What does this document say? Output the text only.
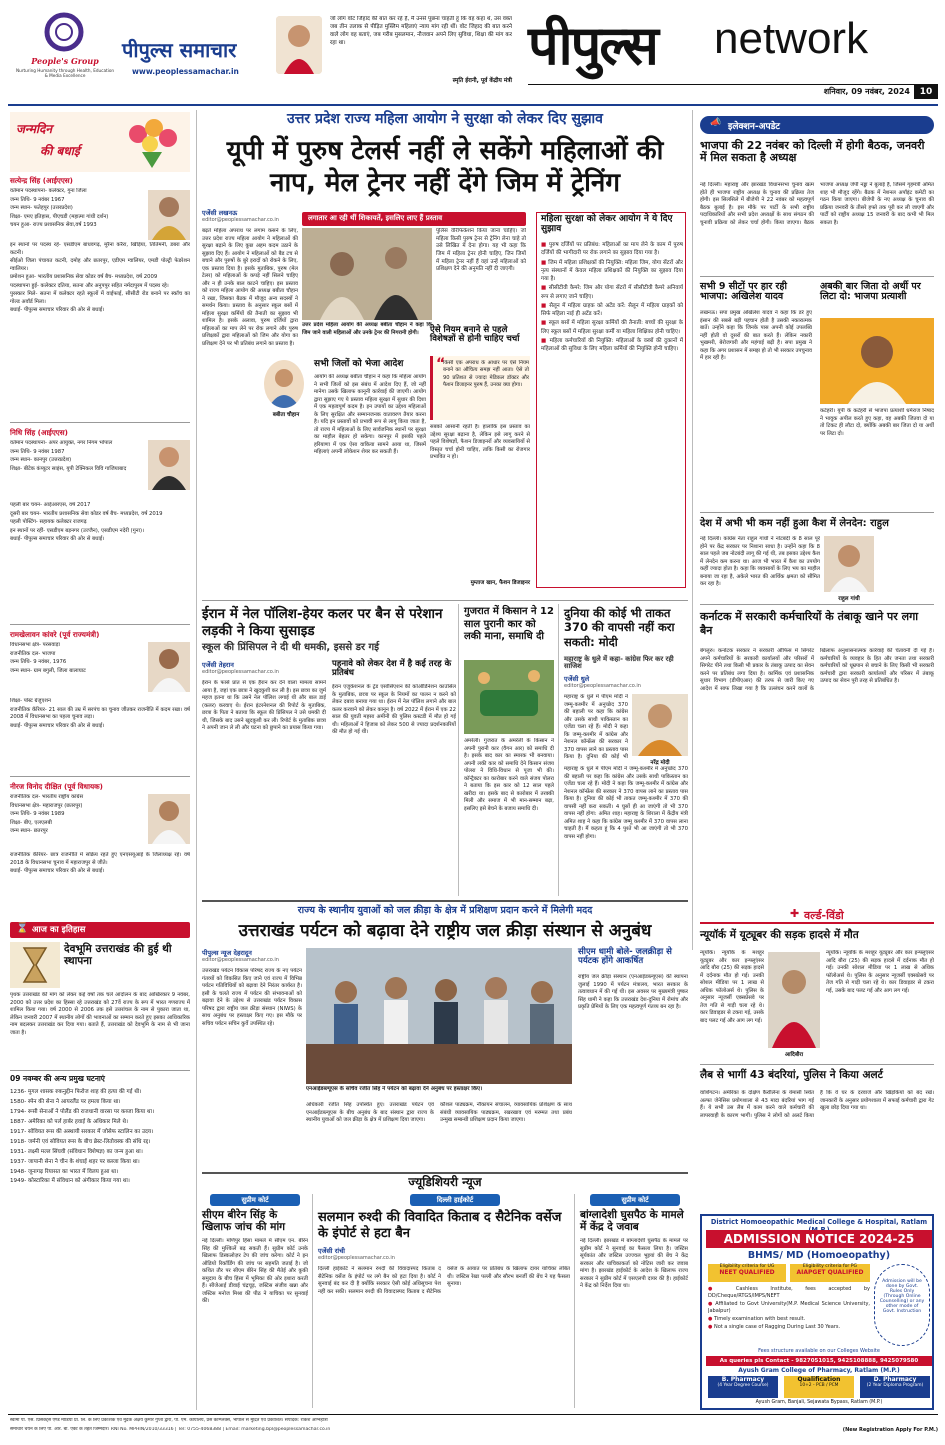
People's Group
Nurturing Humanity through Health, Education & Media Excellence
पीपुल्स समाचार
www.peoplessamachar.in
जो लोग वोट जिहाद की बात कर रहे हैं, मैं उनसे पूछना चाहती हूं कि वह कहां थे, उस वक्त जब तीन तलाक से पीड़ित मुस्लिम महिलाएं न्याय मांग रही थीं। वोट जिहाद की बात करने वाले लोग वह बताएं, जब गरीब मुसलमान, नौजवान अपने लिए सुविधा, शिक्षा की मांग कर रहा था।
स्मृति ईरानी, पूर्व केंद्रीय मंत्री
पीपुल्स network
शनिवार, 09 नवंबर, 2024	10
जन्मदिन
की बधाई
सत्येन्द्र सिंह (आईएएस)

वर्तमान पदस्थापना- कलेक्टर, गुना जिला

जन्म तिथि- 9 नवंबर 1967

जन्म स्थान- फतेहपुर (उत्तरप्रदेश)

शिक्षा- एमए इतिहास, पीएचडी (महात्मा गांधी दर्शन)

चयन हुआ- राज्य प्रशासनिक सेवा,वर्ष 1993

इन स्थानों पर पदस्थ रहे- एसडीएम बांधवगढ़, मुरैना करैरा, खिड़िया, तितिमनी, डबरा और कटनी।

सीईओ जिला पंचायत कटनी, दमोह और छतरपुर, एडीएम ग्वालियर, एमडी पोल्ट्री फेडरेशन ग्वालियर।

प्रमोशन हुआ- भारतीय प्रशासनिक सेवा कोडर वर्ष बैच- मध्यप्रदेश, वर्ष 2009

पदस्थापना हुई- कलेक्टर दतिया, सतना और अनुपपुर सहित नर्मदापुरम में पदस्थ रहे।

पुरस्कार मिले- सतना में कलेक्टर रहते स्कूलों में वाईफाई, सीसीटी रोड बनाने पर स्कॉच का गोल्ड अवॉर्ड मिला।

बधाई- पीपुल्स समाचार परिवार की ओर से बधाई।

निधि सिंह (आईएएस)

वर्तमान पदस्थापना- अपर आयुक्त, नगर निगम भोपाल

जन्म तिथि- 9 नवंबर 1987

जन्म स्थान- कानपुर (उत्तरप्रदेश)

शिक्षा- बीटेक कंप्यूटर साइंस, यूपी टेक्निकल विवि गाजियाबाद

पहली बार चयन- आईआरएस, वर्ष 2017

दूसरी बार चयन- भारतीय प्रशासनिक सेवा कोडर वर्ष बैच- मध्यप्रदेश, वर्ष 2019

पहली पोस्टिंग- सहायक कलेक्टर राजगढ़

इन स्थानों पर रहीं- एसडीएम बड़नगर (उज्जैन), एसडीएम नदेरी (गुना)।

बधाई- पीपुल्स समाचार परिवार की ओर से बधाई।

रामखेलावन कांवरे (पूर्व राज्यमंत्री)

विधानसभा क्षेत्र- परसवाड़ा

राजनीतिक दल- भाजपा

जन्म तिथि- 9 नवंबर, 1976

जन्म स्थान- ग्राम बगुली, जिला बालाघाट

शिक्षा- पोस्ट ग्रेजुएशन

राजनीतिक कॅरियर- 21 साल की उम्र में सरपंच का चुनाव जीतकर राजनीति में कदम रखा। वर्ष 2008 में विधानसभा का पहला चुनाव लड़ा।

बधाई- पीपुल्स समाचार परिवार की ओर से बधाई।

नीरज विनोद दीक्षित (पूर्व विधायक)

राजनीतिक दल- भारतीय राष्ट्रीय कांग्रेस

विधानसभा क्षेत्र- महाराजपुर (छतरपुर)

जन्म तिथि- 9 नवंबर 1989

शिक्षा- बीए, एलएलबी

जन्म स्थान- छतरपुर

राजनीतिक कॅरियर- छात्र राजनीति में सक्रिय रहते हुए एनएसयूआई के जिलाध्यक्ष रहे। वर्ष 2018 के विधानसभा चुनाव में महाराजपुर से जीते।

बधाई- पीपुल्स समाचार परिवार की ओर से बधाई।

⌛ आज का इतिहास
देवभूमि उत्तराखंड की हुई थी स्थापना
पृथक उत्तराखंड की मांग को लेकर कई वर्षों तक चले आंदोलन के बाद आखिरकार 9 नवंबर, 2000 को उत्तर प्रदेश का हिस्सा रहे उत्तराखंड को 27वें राज्य के रूप में भारत गणराज्य में शामिल किया गया। वर्ष 2000 से 2006 तक इसे उत्तरांचल के नाम से पुकारा जाता था, लेकिन जनवरी 2007 में स्थानीय लोगों की भावनाओं का सम्मान करते हुए इसका आधिकारिक नाम बदलकर उत्तराखंड कर दिया गया। बताते हैं, उत्तराखंड को देवभूमि के नाम से भी जाना जाता है।
09 नवम्बर की अन्य प्रमुख घटनाएं

1236- मुगल शासक रुकनुद्दीन फिरोज शाह की हत्या की गई थी।

1580- स्पेन की सेना ने आयरलैंड पर हमला किया था।

1794- रूसी सेनाओं ने पोलैंड की राजधानी वारसा पर कब्जा किया था।

1887- अमेरिका को पर्ल हार्बर हवाई के अधिकार मिले थे।

1917- सोवियत रूस की अस्थायी सरकार में जोसेफ स्टालिन का उदय।

1918- जर्मनी एवं सोवियत रूस के बीच ब्रेस्ट-लितोवस्क की संधि रद्द।

1931- लक्ष्मी मल्ल सिंघवी (संविधान विशेषज्ञ) का जन्म हुआ था।

1937- जापानी सेना ने चीन के शंघाई शहर पर कब्जा किया था।

1948- जूनागढ़ रियासत का भारत में विलय हुआ था।

1949- कोस्टारिका में संविधान को अंगीकार किया गया था।

उत्तर प्रदेश राज्य महिला आयोग ने सुरक्षा को लेकर दिए सुझाव
यूपी में पुरुष टेलर्स नहीं ले सकेंगे महिलाओं की नाप, मेल ट्रेनर नहीं देंगे जिम में ट्रेनिंग
एजेंसी लखनऊ
editor@peoplessamachar.co.in
बढ़ते महिला अपराध पर लगाम कसने के लिए, उत्तर प्रदेश राज्य महिला आयोग ने महिलाओं की सुरक्षा बढ़ाने के लिए कुछ अहम कदम उठाने के सुझाव दिए हैं। आयोग ने महिलाओं को बैड टच से बचाने और पुरुषों के बुरे इरादों को रोकने के लिए, एक प्रस्ताव दिया है। इसके मुताबिक, पुरुष (मेल टेलर) को महिलाओं के कपड़े नहीं सिलने चाहिए और न ही उनके बाल काटने चाहिए। इस प्रस्ताव को राज्य महिला आयोग की अध्यक्ष बबीता चौहान ने रखा, जिसका बैठक में मौजूद अन्य सदस्यों ने समर्थन किया। प्रस्ताव के अनुसार स्कूल बसों में महिला सुरक्षा कर्मियों की तैनाती का सुझाव भी शामिल है। इसके अलावा, पुरुष दर्जियों द्वारा महिलाओं का माप लेने पर रोक लगाने और पुरुष प्रशिक्षकों द्वारा महिलाओं को जिम और योगा का प्रशिक्षण देने पर भी प्रतिबंध लगाने का प्रस्ताव है।
लगातार आ रही थीं शिकायतें, इसलिए लाए हैं प्रस्ताव
पुलिस वेरिफिकेशन किया जाना चाहिए। जो महिला किसी पुरुष ट्रेनर से ट्रेनिंग लेना चाहे तो उसे लिखित में देना होगा। यह भी कहा कि जिम में महिला ट्रेनर होनी चाहिए, जिन जिमों में महिला ट्रेनर नहीं हैं वहां उन्हें महिलाओं को प्रशिक्षण देने की अनुमति नहीं दी जाएगी।
उत्तर प्रदेश महिला आयोग की अध्यक्ष बबीता चौहान ने कहा कि जिम जाने वाली महिलाओं और उनके ट्रेनर की निगरानी होगी।
बबीता चौहान
सभी जिलों को भेजा आदेश
आयोग की अध्यक्ष बबीता चौहान ने कहा कि महिला आयोग ने सभी जिलों को इस संबंध में आदेश दिए हैं, जो नहीं मानेगा उसके खिलाफ कानूनी कार्रवाई की जाएगी। आयोग द्वारा सुझाए गए ये प्रस्ताव महिला सुरक्षा में सुधार की दिशा में एक महत्वपूर्ण कदम है। इन उपायों का उद्देश्य महिलाओं के लिए सुरक्षित और सम्मानजनक वातावरण तैयार करना है। यदि इन प्रस्तावों को प्रभावी रूप से लागू किया जाता है, तो राज्य में महिलाओं के लिए सार्वजनिक स्थानों पर सुरक्षा का माहौल बेहतर हो सकेगा। कानपुर में इसकी पहले हरियाणा में एक ऐसा वाकिया सामने आया था, जिसमें महिलाएं अपनी लोकेशन शेयर कर सकती हैं।
ऐसे नियम बनाने से पहले विशेषज्ञों से होनी चाहिए चर्चा
“
किसी एक अपराध के आधार पर ऐसे नियम बनाने का औचित्य समझ नहीं आता। ऐसे तो 90 प्रतिशत से ज्यादा मेडिकल डॉक्टर और फैशन डिजाइनर पुरुष हैं, उनका क्या होगा।
सबको आसानी रहती है। हालांकि इस प्रस्ताव का उद्देश्य सुरक्षा बढ़ाना है, लेकिन इसे लागू करने से पहले विशेषज्ञों, फैशन डिजाइनरों और व्यवसायियों से विस्तृत चर्चा होनी चाहिए, ताकि किसी का रोजगार प्रभावित न हो।
मुम्ताज खान, फैशन डिजाइनर
महिला सुरक्षा को लेकर आयोग ने ये दिए सुझाव

■ पुरुष दर्जियों पर प्रतिबंध: महिलाओं का माप लेने के काम में पुरुष दर्जियों की भागीदारी पर रोक लगाने का सुझाव दिया गया है।

■ जिम में महिला प्रशिक्षकों की नियुक्ति: महिला जिम, योगा सेंटरों और नृत्य संस्थानों में केवल महिला प्रशिक्षकों की नियुक्ति का सुझाव दिया गया है।

■ सीसीटीवी कैमरे: जिम और योगा सेंटरों में सीसीटीवी कैमरे अनिवार्य रूप से लगाए जाने चाहिए।

■ सैलून में महिला ग्राहक को अटेंड करें: सैलून में महिला ग्राहकों को सिर्फ महिला नाई ही अटेंड करें।

■ स्कूल बसों में महिला सुरक्षा कर्मियों की तैनाती: बच्चों की सुरक्षा के लिए स्कूल बसों में महिला सुरक्षा कर्मी या महिला शिक्षिका होनी चाहिए।

■ महिला कर्मचारियों की नियुक्ति: महिलाओं के वस्त्रों की दुकानों में महिलाओं की सुविधा के लिए महिला कर्मियों की नियुक्ति होनी चाहिए।

📣 इलेक्शन-अपडेट
भाजपा की 22 नवंबर को दिल्ली में होगी बैठक, जनवरी में मिल सकता है अध्यक्ष
नई दिल्ली। महाराष्ट्र और झारखंड विधानसभा चुनाव खत्म होते ही भाजपा राष्ट्रीय अध्यक्ष के चुनाव की प्रक्रिया तेज होगी। इस सिलसिले में बीजेपी ने 22 नवंबर को महत्वपूर्ण बैठक बुलाई है। इस मौके पर पार्टी के सभी राष्ट्रीय पदाधिकारियों और सभी प्रदेश अध्यक्षों के साथ संगठन की चुनावी प्रक्रिया को लेकर चर्चा होगी। किया जाएगा। बैठक भाजपा अध्यक्ष जेपी नड्डा ने बुलाई है, जिसमें गृहमंत्री अमित शाह भी मौजूद रहेंगे। बैठक में नेशनल अपॉइंट कमेटी का गठन किया जाएगा। बीजेपी के नए अध्यक्ष के चुनाव की प्रक्रिया जनवरी के तीसरे हफ्ते तक पूरी कर ली जाएगी और पार्टी को राष्ट्रीय अध्यक्ष 15 जनवरी के बाद कभी भी मिल सकता है।
सभी 9 सीटों पर हार रही भाजपा: अखिलेश यादव
लखनऊ। सपा प्रमुख अखिलेश यादव ने कहा कि डरे हुए इंसान की सबसे बड़ी पहचान होती है उसकी नकारात्मक बातें। उन्होंने कहा कि जिनके पास अपनी कोई उपलब्धि नहीं होती वो दूसरों की बात करते हैं। लेकिन नकारी भुखमरी, बेरोजगारी और महंगाई बढ़ी है। सपा प्रमुख ने कहा कि अगर प्रशासन में समझ हो तो भी सरकार उपचुनाव में हार रही है।
अबकी बार जिता दो अर्थी पर लिटा दो: भाजपा प्रत्याशी
कटेहरी। यूपी के कटेहरी से भाजपा प्रत्याशी धर्मराज निषाद ने भावुक अपील करते हुए कहा, वह अबकी जितवा दो या तो टिकट ही लौटा दो, क्योंकि अबकी बार जिता दो या अर्थी पर लिटा दो।
देश में अभी भी कम नहीं हुआ कैश में लेनदेन: राहुल
नई दिल्ली। कांग्रेस नेता राहुल गांधी ने नोटबंदी के 8 साल पूरे होने पर केंद्र सरकार पर निशाना साधा है। उन्होंने कहा कि 8 साल पहले जब नोटबंदी लागू की गई थी, तब इसका उद्देश्य कैश में लेनदेन कम करना था। आज भी भारत में कैश का उपयोग कहीं ज्यादा होता है। कहा कि व्यवसायों के लिए भय का माहौल बनाया जा रहा है, अकेले भारत की आर्थिक क्षमता को सीमित कर रहा है।
राहुल गांधी
ईरान में नेल पॉलिश-हेयर कलर पर बैन से परेशान लड़की ने किया सुसाइड
स्कूल की प्रिंसिपल ने दी थी धमकी, इससे डर गई
एजेंसी तेहरान
editor@peoplessamachar.co.in
ईरान के फार्स प्रांत से एक हैरान कर देने वाला मामला सामने आया है, जहां एक छात्रा ने खुदकुशी कर ली है। इस छात्रा का जुर्म महज इतना था कि उसने नेल पॉलिश लगाई थी और बाल डाई (कलर) करवाए थे। ईरान इंटरनेशनल की रिपोर्ट के मुताबिक, छात्रा के पिता ने बताया कि स्कूल की प्रिंसिपल ने उसे धमकी दी थी, जिसके बाद उसने खुदकुशी कर ली। रिपोर्ट के मुताबिक छात्रा ने अपनी जान ले ली और घटना को छुपाने का प्रयास किया गया।
पहनावे को लेकर देश में है कई तरह के प्रतिबंध
ईरान एजुकेशनल के ट्रेड एसोसिएशन की कोऑर्डिनेशन काउंसिल के मुताबिक, छात्रा पर स्कूल के नियमों का पालन न करने को लेकर दबाव बनाया गया था। ईरान में नेल पॉलिश लगाने और बाल कलर करवाने को लेकर कानून है। वर्ष 2022 में ईरान में एक 22 साल की युवती महसा अमीनी की पुलिस कस्टडी में मौत हो गई थी। महिलाओं ने हिजाब को लेकर 500 से ज्यादा प्रदर्शनकारियों की मौत हो गई थी।
गुजरात में किसान ने 12 साल पुरानी कार को लकी माना, समाधि दी
अमरेली। गुजरात के अमरेली के किसान ने अपनी पुरानी कार (वैगन आर) को समाधि दी है। इसके बाद कार का स्मारक भी बनवाया। अपनी लकी कार को समाधि देने किसान संजय पोलरा ने विधि-विधान से पूजा भी की। कॉन्ट्रैक्टर का कारोबार करने वाले संजय पोलरा ने बताया कि इस कार को 12 साल पहले खरीदा था। इसके बाद से कारोबार में तरक्की मिली और समाज में भी मान-सम्मान बढ़ा, इसलिए इसे बेचने के बजाय समाधि दी।
दुनिया की कोई भी ताकत 370 की वापसी नहीं करा सकती: मोदी
महाराष्ट्र के धुले में कहा- कांग्रेस फिर कर रही साजिश
एजेंसी धुले
editor@peoplessamachar.co.in
नरेंद्र मोदी
महाराष्ट्र के धुले में पीएम मोदी ने जम्मू-कश्मीर में अनुच्छेद 370 की बहाली पर कहा कि कांग्रेस और उसके साथी पाकिस्तान का एजेंडा चला रहे हैं। मोदी ने कहा कि जम्मू-कश्मीर में कांग्रेस और नेशनल कॉन्फ्रेंस की सरकार ने 370 वापस लाने का प्रस्ताव पास किया है। दुनिया की कोई भी
महाराष्ट्र के धुले में पीएम मोदी ने जम्मू-कश्मीर में अनुच्छेद 370 की बहाली पर कहा कि कांग्रेस और उसके साथी पाकिस्तान का एजेंडा चला रहे हैं। मोदी ने कहा कि जम्मू-कश्मीर में कांग्रेस और नेशनल कॉन्फ्रेंस की सरकार ने 370 वापस लाने का प्रस्ताव पास किया है। दुनिया की कोई भी ताकत जम्मू-कश्मीर में 370 की वापसी नहीं करा सकती। 4 घुसों ही आ जाएंगी तो भी 370 वापस नहीं होगा: अमित शाह। महाराष्ट्र के शिराला में केंद्रीय मंत्री अमित शाह ने कहा कि कांग्रेस जम्मू कश्मीर में 370 वापस लाना चाहती है। मैं कहता हूं कि 4 पुश्ते भी आ जाएंगी तो भी 370 वापस नहीं होगा।
कर्नाटक में सरकारी कर्मचारियों के तंबाकू खाने पर लगा बैन
बेंगलुरु। कर्नाटक सरकार ने सरकारी ऑफिस में सिगरेट अपने कर्मचारियों के सरकारी कार्यालयों और परिसरों में सिगरेट पीने तथा किसी भी प्रकार के तंबाकू उत्पाद का सेवन करने पर प्रतिबंध लगा दिया है। कार्मिक एवं प्रशासनिक सुधार विभाग (डीपीएआर) की तरफ से जारी किए गए आदेश में साफ लिखा गया है कि उल्लंघन करने वालों के खिलाफ अनुशासनात्मक कार्रवाई की चेतावनी दी गई है। कर्मचारियों के व्यवहार के हित और जनता तथा सरकारी कर्मचारियों को धूम्रपान से बचाने के लिए किसी भी सरकारी कर्मचारी द्वारा सरकारी कार्यालयों और परिसर में तंबाकू उत्पाद का सेवन पूरी तरह से प्रतिबंधित है।
राज्य के स्थानीय युवाओं को जल क्रीड़ा के क्षेत्र में प्रशिक्षण प्रदान करने में मिलेगी मदद
उत्तराखंड पर्यटन को बढ़ावा देने राष्ट्रीय जल क्रीड़ा संस्थान से अनुबंध
पीपुल्स न्यूज देहरादून
editor@peoplessamachar.co.in
उत्तराखंड पर्यटन विकास परिषद राज्य के नए पर्यटन गंतव्यों को विकसित किए जाने एवं राज्य में विभिन्न पर्यटन गतिविधियों को बढ़ावा देने निरंतर कार्यरत है। इसी के चलते राज्य में पर्यटन की संभावनाओं को बढ़ावा देने के उद्देश्य से उत्तराखंड पर्यटन विकास परिषद द्वारा राष्ट्रीय जल क्रीड़ा संस्थान (NIWS) के साथ अनुबंध पर हस्ताक्षर किए गए। इस मौके पर सचिव पर्यटन सचिन कुर्वे उपस्थित रहे।
एनआईडब्ल्यूएस के सचिव रंजीत सिंह ने पर्यटन को बढ़ावा देने अनुबंध पर हस्ताक्षर किए।
अधिकारी रंजीत सिंह उपस्थित हुए। उत्तराखंड पर्यटन एवं एनआईडब्ल्यूएस के बीच अनुबंध के बाद संस्थान द्वारा राज्य के स्थानीय युवाओं को जल क्रीड़ा के क्षेत्र में प्रशिक्षण दिया जाएगा।
कौशल पाठ्यक्रम, नौकायन संचालन, व्यावसायिक प्रशिक्षण के साथ संबंधी व्यावसायिक पाठ्यक्रम, रखरखाव एवं मरम्मत तथा प्रबंध उन्मुख सम्बन्धी प्रशिक्षण प्रदान किया जाएगा।
सीएम धामी बोले- जलक्रीड़ा से पर्यटक होंगे आकर्षित
राष्ट्रीय जल क्रीड़ा संस्थान (एनआईडब्ल्यूएस) की स्थापना जुलाई 1990 में पर्यटन मंत्रालय, भारत सरकार के तत्वावधान में की गई थी। इस अवसर पर मुख्यमंत्री पुष्कर सिंह धामी ने कहा कि उत्तराखंड देश-दुनिया में रोमांच और प्रकृति प्रेमियों के लिए एक महत्वपूर्ण गंतव्य बन रहा है।
✚ वर्ल्ड-विंडो
न्यूयॉर्क में यूट्यूबर की सड़क हादसे में मौत
न्यूयॉर्क। न्यूयॉर्क के मशहूर यूट्यूबर और कार इन्फ्लुएंसर आदि बौरा (25) की सड़क हादसे में दर्दनाक मौत हो गई। उनकी सोशल मीडिया पर 1 लाख से अधिक फॉलोअर्स थे। पुलिस के अनुसार न्यूजर्सी एक्सप्रेसवे पर तेज गति से गाड़ी चला रहे थे। कार डिवाइडर से टकरा गई, उसके बाद पलट गई और आग लग गई।
आदिबौरा
न्यूयॉर्क। न्यूयॉर्क के मशहूर यूट्यूबर और कार इन्फ्लुएंसर आदि बौरा (25) की सड़क हादसे में दर्दनाक मौत हो गई। उनकी सोशल मीडिया पर 1 लाख से अधिक फॉलोअर्स थे। पुलिस के अनुसार न्यूजर्सी एक्सप्रेसवे पर तेज गति से गाड़ी चला रहे थे। कार डिवाइडर से टकरा गई, उसके बाद पलट गई और आग लग गई।
लैब से भागीं 43 बंदरियां, पुलिस ने किया अलर्ट
वाशिंगटन। अमेरिका के दक्षिण कैरोलिना के येमासी स्थित अल्फा जेनेसिस प्रयोगशाला से 43 मादा बंदरियां भाग गई हैं। ये सभी उस लैब में काम करने वाले कर्मचारी की लापरवाही के कारण भागीं। पुलिस ने लोगों को अलर्ट किया है कि वे घर के दरवाजे और खिड़कियों को बंद रखें। जानकारी के अनुसार प्रयोगशाला में सफाई कर्मचारी द्वारा गेट खुला छोड़ दिया गया था।
ज्यूडिशियरी न्यूज
सुप्रीम कोर्ट
सीएम बीरेन सिंह के खिलाफ जांच की मांग
नई दिल्ली। मणिपुर हिंसा मामले में सीएम एन. बीरेन सिंह की मुश्किलें बढ़ सकती हैं। सुप्रीम कोर्ट उनके खिलाफ डिस्कलोज़र टेप की जांच करेगा। कोर्ट ने इन ऑडियो रिकॉर्डिंग की जांच पर सहमति जताई है। जो कथित तौर पर सीएम बीरेन सिंह की मैतेई और कुकी समुदाय के बीच हिंसा में भूमिका की ओर इशारा करती हैं। सीजेआई डीवाई चंद्रचूड़, जस्टिस संजीव खन्ना और जस्टिस मनोज मिश्रा की पीठ ने याचिका पर सुनवाई की।
दिल्ली हाईकोर्ट
सलमान रुश्दी की विवादित किताब द सैटेनिक वर्सेज के इंपोर्ट से हटा बैन
एजेंसी रांची
editor@peoplessamachar.co.in
दिल्ली हाईकोर्ट ने सलमान रुश्दी की विवादास्पद किताब द सैटेनिक वर्सेज के इंपोर्ट पर लगे बैन को हटा दिया है। कोर्ट ने सुनवाई बंद कर दी है क्योंकि सरकार ऐसी कोई अधिसूचना पेश नहीं कर सकी। सलमान रुश्दी की विवादास्पद किताब द सैटेनिक वर्सेज के आयात पर प्रतिबंध के खिलाफ दायर याचिका लंबित थी। जस्टिस रेखा पल्ली और सौरभ बनर्जी की बेंच ने यह फैसला सुनाया।
सुप्रीम कोर्ट
बांग्लादेशी घुसपैठ के मामले में केंद्र दे जवाब
नई दिल्ली। झारखंड में बांग्लादेशी घुसपैठ के मामले पर सुप्रीम कोर्ट ने सुनवाई का फैसला लिया है। जस्टिस सूर्यकांत और जस्टिस उज्ज्वल भुइयां की बेंच ने केंद्र सरकार और याचिकाकर्ता को नोटिस जारी कर जवाब मांगा है। झारखंड हाईकोर्ट के आदेश के खिलाफ राज्य सरकार ने सुप्रीम कोर्ट में एसएलपी दायर की है। हाईकोर्ट ने केंद्र को निर्देश दिया था।
District Homoeopathic Medical College & Hospital, Ratlam
ADMISSION NOTICE 2024-25
BHMS/ MD (Homoeopathy)
Eligibility criteria for UG
NEET QUALIFIED
Eligibility criteria for PG
AIAPGET QUALIFIED

● Cashless Institute, fees accepted by DD/Cheque/RTGS/IMPS/NEFT

● Affiliated to Govt University(M.P. Medical Science University, Jabalpur)

● Timely examination with best result.

● Not a single case of Ragging During Last 30 Years.

Admission will be done by Govt. Rules Only (Through Online Counselling) or any other mode of Govt. Instruction
Fees structure available on our Colleges Website
As queries pls Contact - 9827051015, 9425108888, 9425079580
Ayush Gram College of Pharmacy, Ratlam (M.P.)
B. Pharmacy
(4 Year Degree Course)
Qualification
10+2 - PCB / PCM
D. Pharmacy
(2 Year Diploma Program)
Ayush Gram, Banjali, Sejawata Bypass, Ratlam (M.P.)
स्वामी पी. एस. प्रिसेक्ट्स एण्ड मीडिया प्रा. लि. के लिए प्रकाशक एवं मुद्रक अक्षय कुमार गुप्ता द्वारा, पी. एम. कार्यालय, प्रेस कॉम्प्लेक्स, भोपाल से मुद्रित एवं प्रकाशित। संपादक: राकेश अग्निहोत्री
समाचार चयन के लिए पी. आर. बी. एक्ट के तहत जिम्मेदार। RNI No. MPHIN/2010/33316 | Tel: 0755-4068388 | Email: marketing.bpl@peoplessamachar.co.in	(New Registration Apply For P.M.)
